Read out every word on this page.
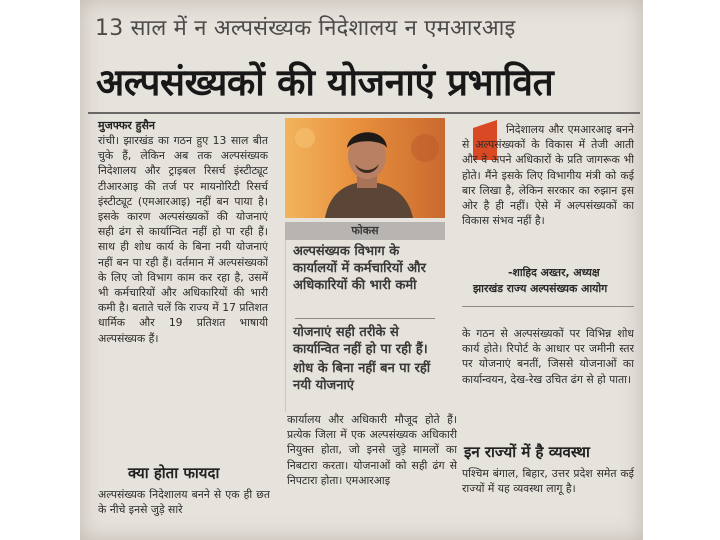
13 साल में न अल्पसंख्यक निदेशालय न एमआरआइ
अल्पसंख्यकों की योजनाएं प्रभावित
मुजफ्फर हुसैन
रांची। झारखंड का गठन हुए 13 साल बीत चुके हैं, लेकिन अब तक अल्पसंख्यक निदेशालय और ट्राइबल रिसर्च इंस्टीट्यूट टीआरआइ की तर्ज पर मायनोरिटी रिसर्च इंस्टीट्यूट (एमआरआइ) नहीं बन पाया है। इसके कारण अल्पसंख्यकों की योजनाएं सही ढंग से कार्यान्वित नहीं हो पा रही हैं। साथ ही शोध कार्य के बिना नयी योजनाएं नहीं बन पा रही हैं। वर्तमान में अल्पसंख्यकों के लिए जो विभाग काम कर रहा है, उसमें भी कर्मचारियों और अधिकारियों की भारी कमी है। बताते चलें कि राज्य में 17 प्रतिशत धार्मिक और 19 प्रतिशत भाषायी अल्पसंख्यक हैं।
क्या होता फायदा
अल्पसंख्यक निदेशालय बनने से एक ही छत के नीचे इनसे जुड़े सारे
फोकस
अल्पसंख्यक विभाग के कार्यालयों में कर्मचारियों और अधिकारियों की भारी कमी
योजनाएं सही तरीके से कार्यान्वित नहीं हो पा रही हैं।
शोध के बिना नहीं बन पा रहीं नयी योजनाएं
कार्यालय और अधिकारी मौजूद होते हैं। प्रत्येक जिला में एक अल्पसंख्यक अधिकारी नियुक्त होता, जो इनसे जुड़े मामलों का निबटारा करता। योजनाओं को सही ढंग से निपटारा होता। एमआरआइ
निदेशालय और एमआरआइ बनने से अल्पसंख्यकों के विकास में तेजी आती और वे अपने अधिकारों के प्रति जागरूक भी होते। मैंने इसके लिए विभागीय मंत्री को कई बार लिखा है, लेकिन सरकार का रुझान इस ओर है ही नहीं। ऐसे में अल्पसंख्यकों का विकास संभव नहीं है।
-शाहिद अख्तर, अध्यक्ष
झारखंड राज्य अल्पसंख्यक आयोग
के गठन से अल्पसंख्यकों पर विभिन्न शोध कार्य होते। रिपोर्ट के आधार पर जमीनी स्तर पर योजनाएं बनतीं, जिससे योजनाओं का कार्यान्वयन, देख-रेख उचित ढंग से हो पाता।
इन राज्यों में है व्यवस्था
पश्चिम बंगाल, बिहार, उत्तर प्रदेश समेत कई राज्यों में यह व्यवस्था लागू है।
